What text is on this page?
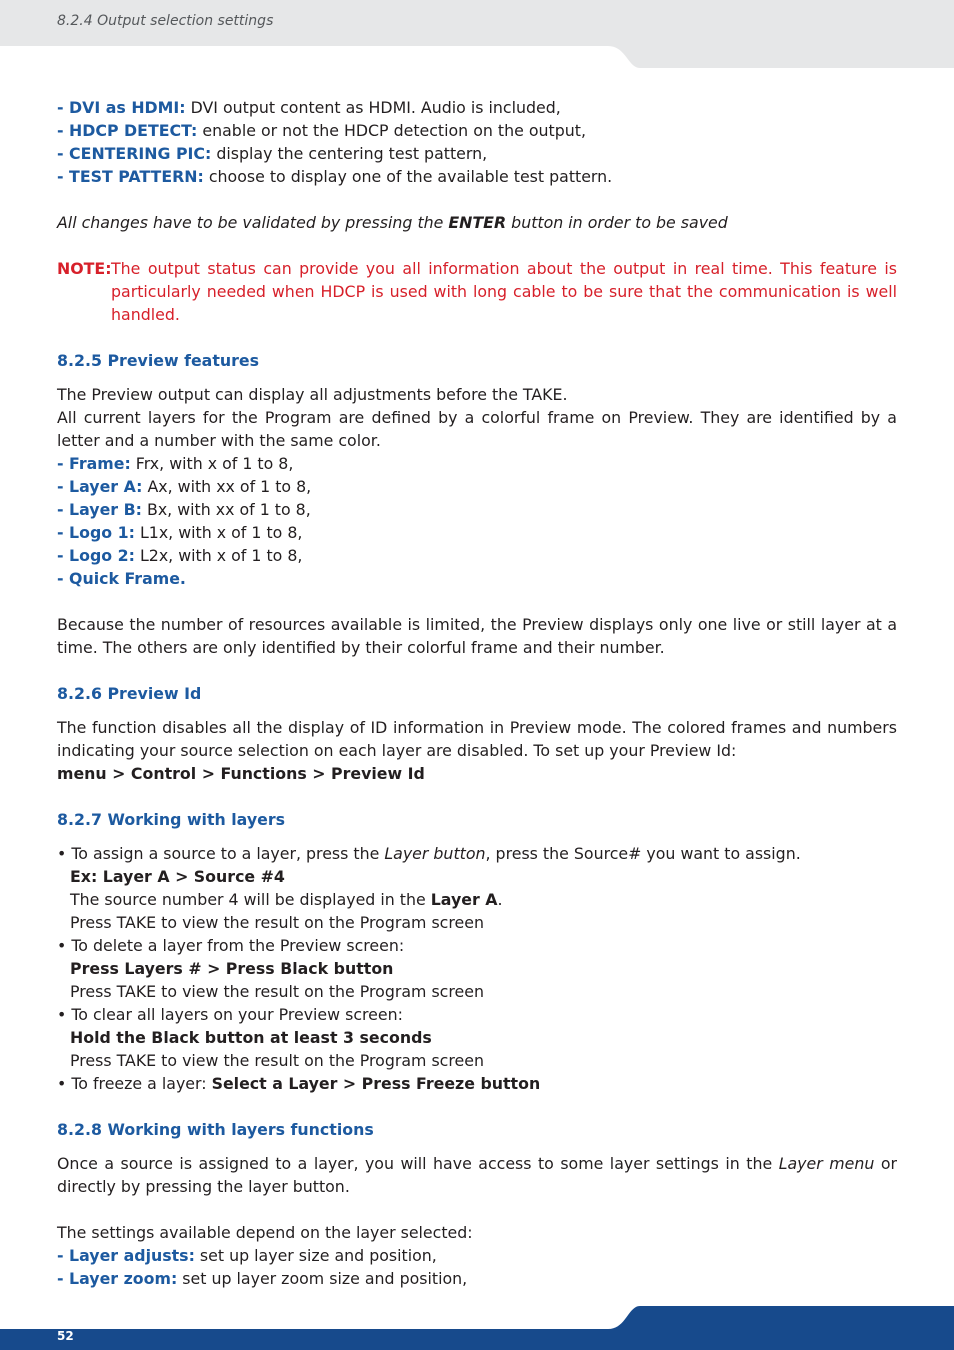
8.2.4 Output selection settings
- DVI as HDMI: DVI output content as HDMI. Audio is included,
- HDCP DETECT: enable or not the HDCP detection on the output,
- CENTERING PIC: display the centering test pattern,
- TEST PATTERN: choose to display one of the available test pattern.
All changes have to be validated by pressing the ENTER button in order to be saved
NOTE: The output status can provide you all information about the output in real time. This feature is particularly needed when HDCP is used with long cable to be sure that the communication is well handled.
8.2.5 Preview features
The Preview output can display all adjustments before the TAKE.
All current layers for the Program are defined by a colorful frame on Preview. They are identified by a letter and a number with the same color.
- Frame: Frx, with x of 1 to 8,
- Layer A: Ax, with xx of 1 to 8,
- Layer B: Bx, with xx of 1 to 8,
- Logo 1: L1x, with x of 1 to 8,
- Logo 2: L2x, with x of 1 to 8,
- Quick Frame.
Because the number of resources available is limited, the Preview displays only one live or still layer at a time. The others are only identified by their colorful frame and their number.
8.2.6 Preview Id
The function disables all the display of ID information in Preview mode. The colored frames and numbers indicating your source selection on each layer are disabled. To set up your Preview Id:
menu > Control > Functions > Preview Id
8.2.7 Working with layers
• To assign a source to a layer, press the Layer button, press the Source# you want to assign.
Ex: Layer A > Source #4
The source number 4 will be displayed in the Layer A.
Press TAKE to view the result on the Program screen
• To delete a layer from the Preview screen:
Press Layers # > Press Black button
Press TAKE to view the result on the Program screen
• To clear all layers on your Preview screen:
Hold the Black button at least 3 seconds
Press TAKE to view the result on the Program screen
• To freeze a layer: Select a Layer > Press Freeze button
8.2.8 Working with layers functions
Once a source is assigned to a layer, you will have access to some layer settings in the Layer menu or directly by pressing the layer button.
The settings available depend on the layer selected:
- Layer adjusts: set up layer size and position,
- Layer zoom: set up layer zoom size and position,
52
